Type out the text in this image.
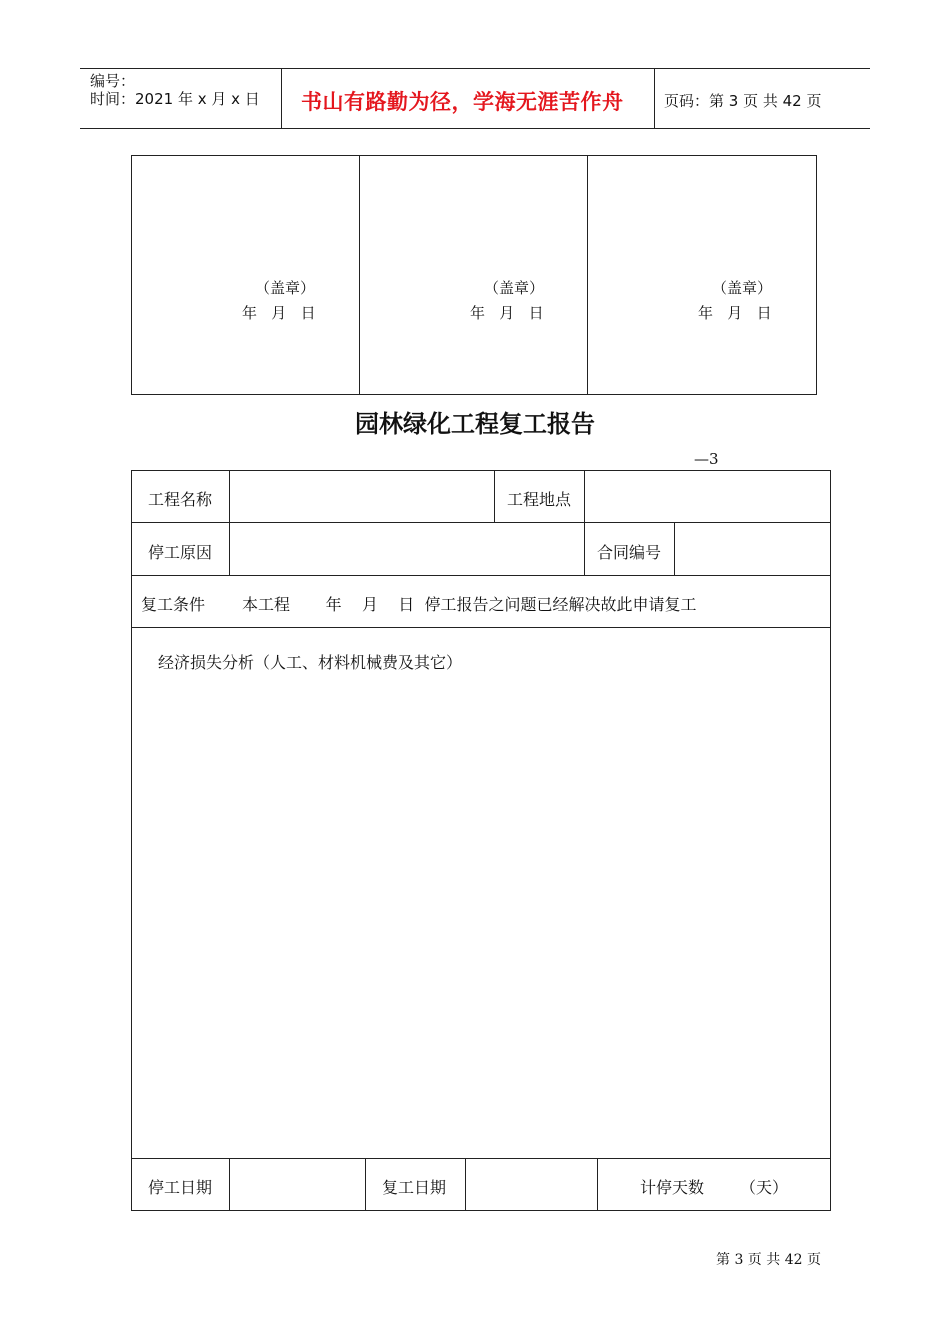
编号：
时间：2021 年 x 月 x 日 书山有路勤为径，学海无涯苦作舟	页码：第 3 页 共 42 页
（盖章）
年   月   日
（盖章）
年   月   日
（盖章）
年   月   日
园林绿化工程复工报告
—3
工程名称	工程地点
停工原因	合同编号
复工条件 本工程       年    月    日  停工报告之问题已经解决故此申请复工
经济损失分析（人工、材料机械费及其它）
停工日期	复工日期	计停天数 （天）
第 3 页 共 42 页
